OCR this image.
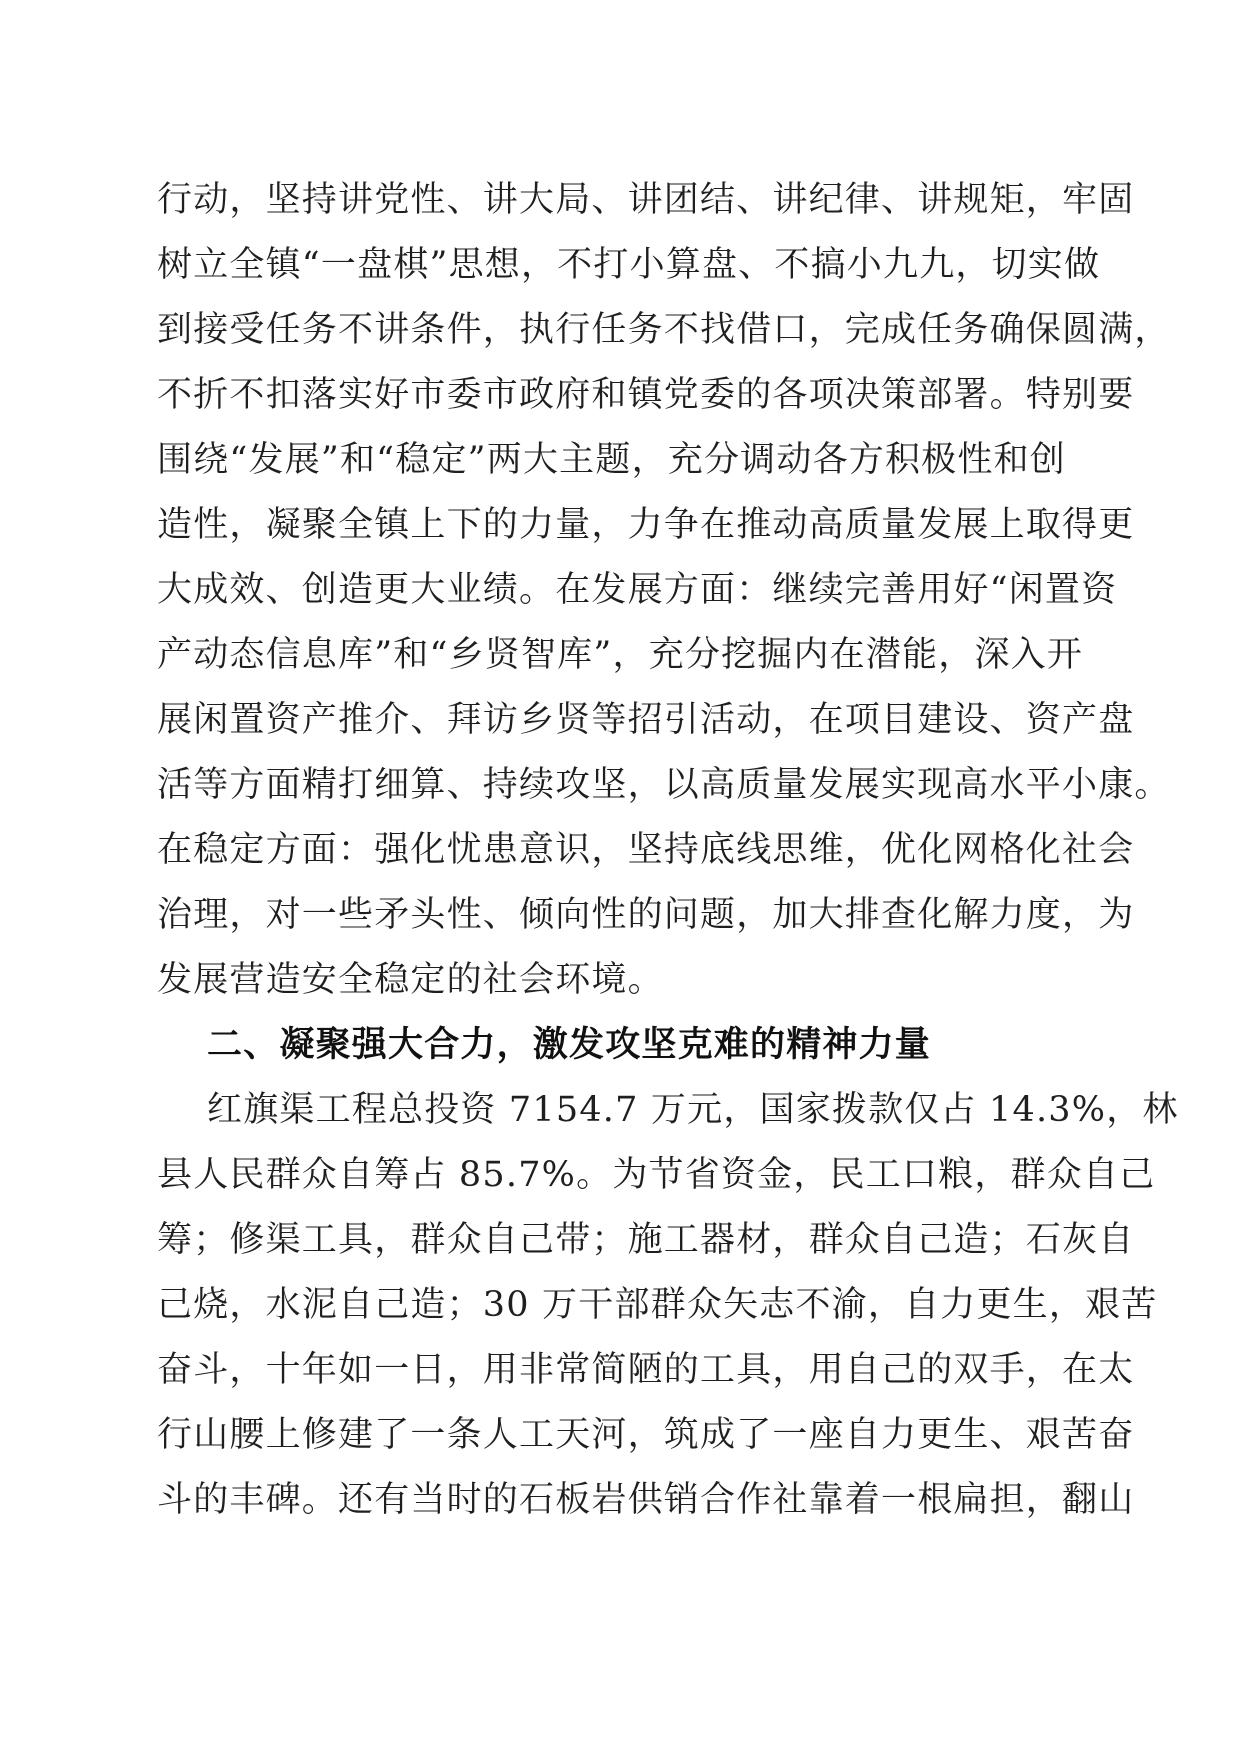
行动，坚持讲党性、讲大局、讲团结、讲纪律、讲规矩，牢固
树立全镇“一盘棋”思想，不打小算盘、不搞小九九，切实做
到接受任务不讲条件，执行任务不找借口，完成任务确保圆满，
不折不扣落实好市委市政府和镇党委的各项决策部署。特别要
围绕“发展”和“稳定”两大主题，充分调动各方积极性和创
造性，凝聚全镇上下的力量，力争在推动高质量发展上取得更
大成效、创造更大业绩。在发展方面：继续完善用好“闲置资
产动态信息库”和“乡贤智库”，充分挖掘内在潜能，深入开
展闲置资产推介、拜访乡贤等招引活动，在项目建设、资产盘
活等方面精打细算、持续攻坚，以高质量发展实现高水平小康。
在稳定方面：强化忧患意识，坚持底线思维，优化网格化社会
治理，对一些矛头性、倾向性的问题，加大排查化解力度，为
发展营造安全稳定的社会环境。
二、凝聚强大合力，激发攻坚克难的精神力量
红旗渠工程总投资 7154.7 万元，国家拨款仅占 14.3%，林
县人民群众自筹占 85.7%。为节省资金，民工口粮，群众自己
筹；修渠工具，群众自己带；施工器材，群众自己造；石灰自
己烧，水泥自己造；30 万干部群众矢志不渝，自力更生，艰苦
奋斗，十年如一日，用非常简陋的工具，用自己的双手，在太
行山腰上修建了一条人工天河，筑成了一座自力更生、艰苦奋
斗的丰碑。还有当时的石板岩供销合作社靠着一根扁担，翻山
